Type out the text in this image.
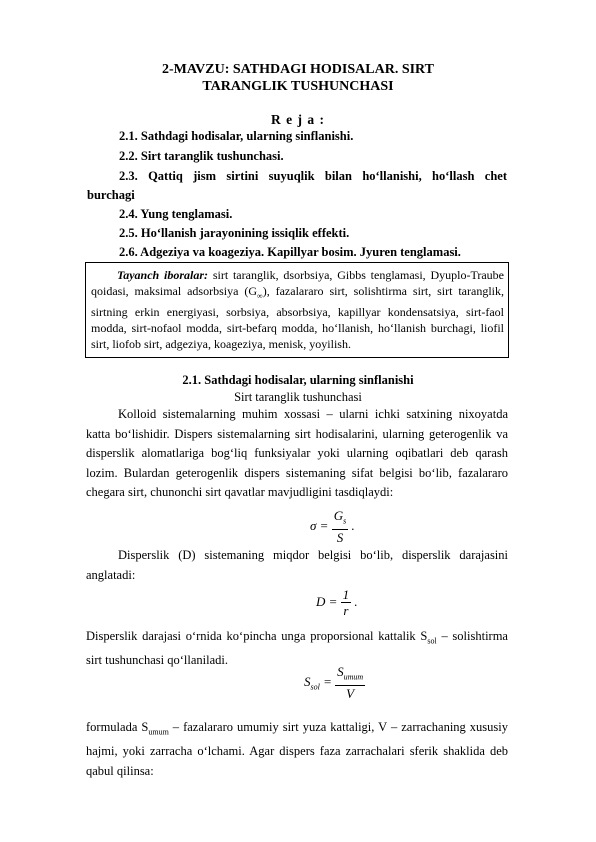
2-MAVZU: SATHDAGI HODISALAR. SIRT
TARANGLIK TUSHUNCHASI
R e j a :
2.1. Sathdagi hodisalar, ularning sinflanishi.
2.2. Sirt taranglik tushunchasi.
2.3. Qattiq jism sirtini suyuqlik bilan ho‘llanishi, ho‘llash chet
burchagi
2.4. Yung tenglamasi.
2.5. Ho‘llanish jarayonining issiqlik effekti.
2.6. Adgeziya va koageziya. Kapillyar bosim. Jyuren tenglamasi.
Tayanch iboralar: sirt taranglik, dsorbsiya, Gibbs tenglamasi, Dyuplo-Traube qoidasi, maksimal adsorbsiya $(G_\infty)$, fazalararo sirt, solishtirma sirt, sirt taranglik, sirtning erkin energiyasi, sorbsiya, absorbsiya, kapillyar kondensatsiya, sirt-faol modda, sirt-nofaol modda, sirt-befarq modda, ho‘llanish, ho‘llanish burchagi, liofil sirt, liofob sirt, adgeziya, koageziya, menisk, yoyilish.
2.1. Sathdagi hodisalar, ularning sinflanishi
Sirt taranglik tushunchasi
Kolloid sistemalarning muhim xossasi – ularni ichki satxining nixoyatda katta bo‘lishidir. Dispers sistemalarning sirt hodisalarini, ularning geterogenlik va disperslik alomatlariga bog‘liq funksiyalar yoki ularning oqibatlari deb qarash lozim. Bulardan geterogenlik dispers sistemaning sifat belgisi bo‘lib, fazalararo chegara sirt, chunonchi sirt qavatlar mavjudligini tasdiqlaydi:
$\sigma = \frac{G_s}{S}$ .
Disperslik (D) sistemaning miqdor belgisi bo‘lib, disperslik darajasini anglatadi:
$D = \frac{1}{r}$ .
Disperslik darajasi o‘rnida ko‘pincha unga proporsional kattalik $S_{sol}$ – solishtirma sirt tushunchasi qo‘llaniladi.
$S_{sol} = \frac{S_{umum}}{V}$
formulada $S_{umum}$ – fazalararo umumiy sirt yuza kattaligi, V – zarrachaning xususiy hajmi, yoki zarracha o‘lchami. Agar dispers faza zarrachalari sferik shaklida deb qabul qilinsa:
